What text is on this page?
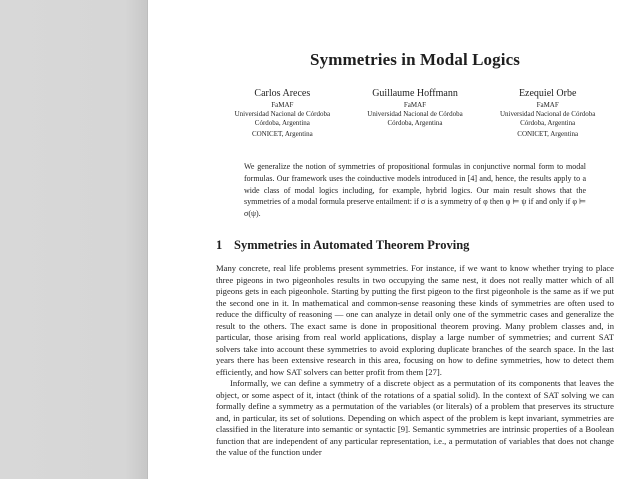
Symmetries in Modal Logics
Carlos Areces
FaMAF
Universidad Nacional de Córdoba
Córdoba, Argentina
CONICET, Argentina
Guillaume Hoffmann
FaMAF
Universidad Nacional de Córdoba
Córdoba, Argentina
Ezequiel Orbe
FaMAF
Universidad Nacional de Córdoba
Córdoba, Argentina
CONICET, Argentina
We generalize the notion of symmetries of propositional formulas in conjunctive normal form to modal formulas. Our framework uses the coinductive models introduced in [4] and, hence, the results apply to a wide class of modal logics including, for example, hybrid logics. Our main result shows that the symmetries of a modal formula preserve entailment: if σ is a symmetry of φ then φ ⊨ ψ if and only if φ ⊨ σ(ψ).
1 Symmetries in Automated Theorem Proving

Many concrete, real life problems present symmetries. For instance, if we want to know whether trying to place three pigeons in two pigeonholes results in two occupying the same nest, it does not really matter which of all pigeons gets in each pigeonhole. Starting by putting the first pigeon to the first pigeonhole is the same as if we put the second one in it. In mathematical and common-sense reasoning these kinds of symmetries are often used to reduce the difficulty of reasoning — one can analyze in detail only one of the symmetric cases and generalize the result to the others. The exact same is done in propositional theorem proving. Many problem classes and, in particular, those arising from real world applications, display a large number of symmetries; and current SAT solvers take into account these symmetries to avoid exploring duplicate branches of the search space. In the last years there has been extensive research in this area, focusing on how to define symmetries, how to detect them efficiently, and how SAT solvers can better profit from them [27].

Informally, we can define a symmetry of a discrete object as a permutation of its components that leaves the object, or some aspect of it, intact (think of the rotations of a spatial solid). In the context of SAT solving we can formally define a symmetry as a permutation of the variables (or literals) of a problem that preserves its structure and, in particular, its set of solutions. Depending on which aspect of the problem is kept invariant, symmetries are classified in the literature into semantic or syntactic [9]. Semantic symmetries are intrinsic properties of a Boolean function that are independent of any particular representation, i.e., a permutation of variables that does not change the value of the function under
